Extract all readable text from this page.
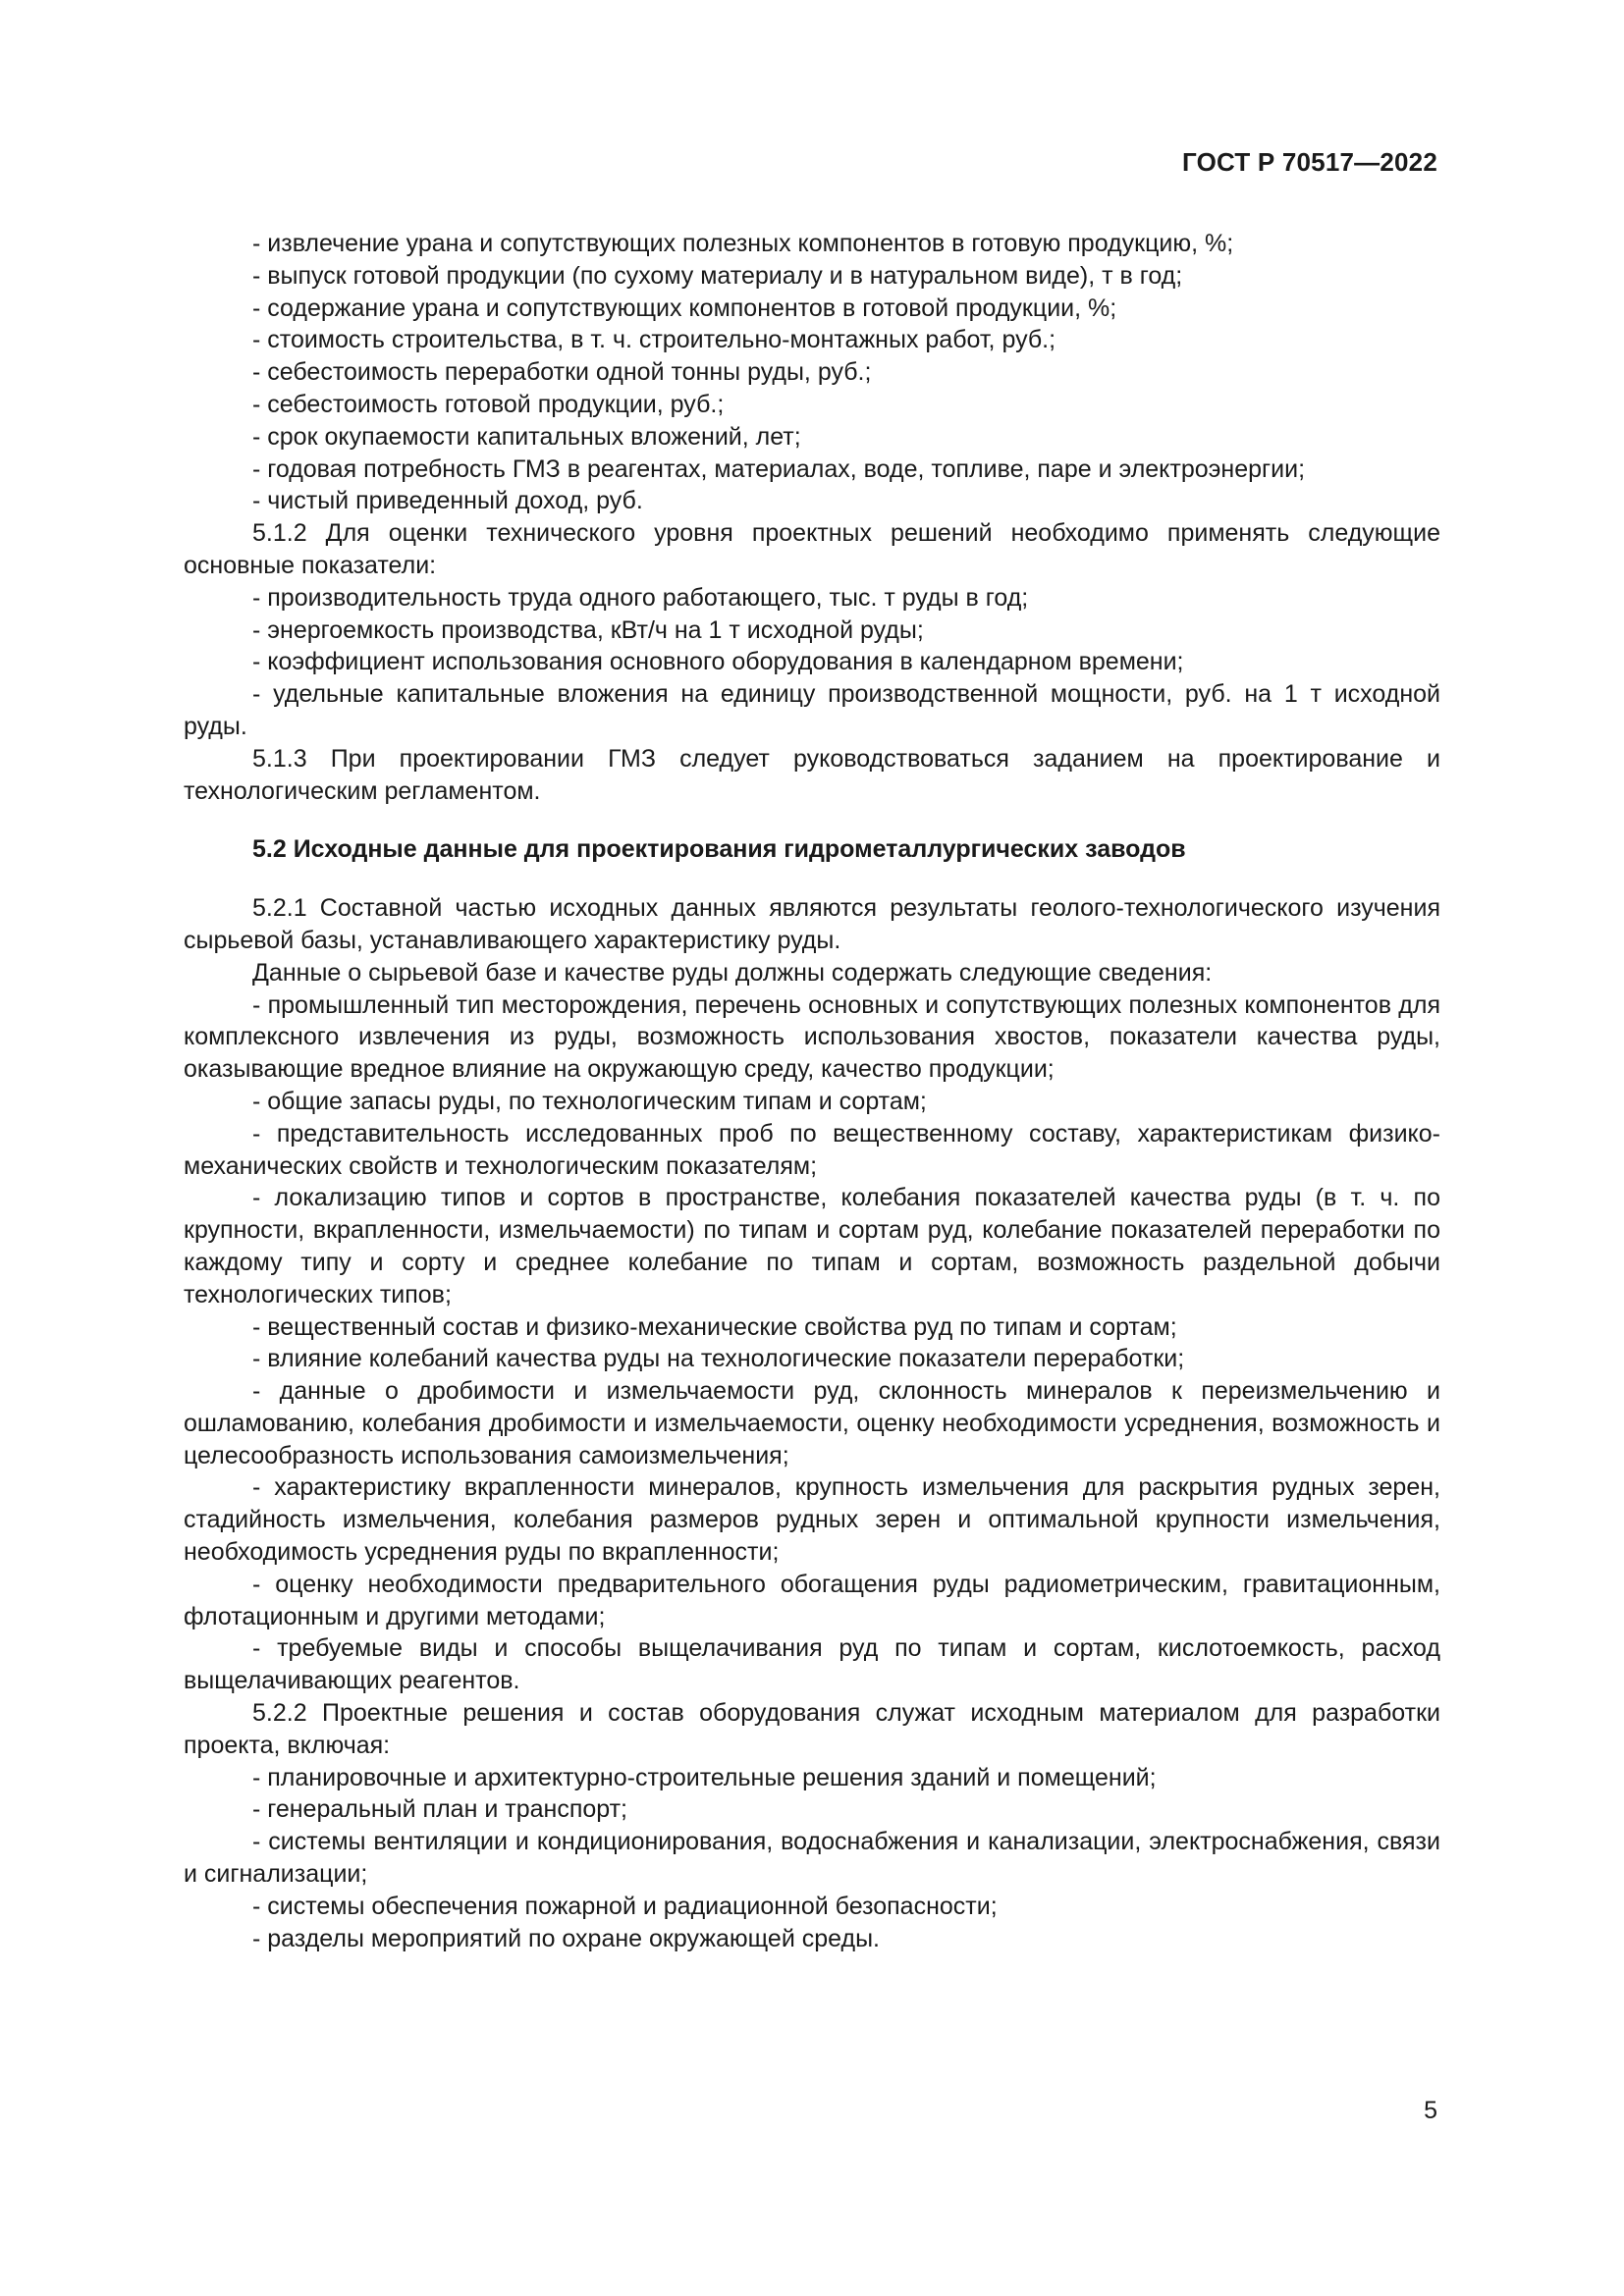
ГОСТ Р 70517—2022

- извлечение урана и сопутствующих полезных компонентов в готовую продукцию, %;

- выпуск готовой продукции (по сухому материалу и в натуральном виде), т в год;

- содержание урана и сопутствующих компонентов в готовой продукции, %;

- стоимость строительства, в т. ч. строительно-монтажных работ, руб.;

- себестоимость переработки одной тонны руды, руб.;

- себестоимость готовой продукции, руб.;

- срок окупаемости капитальных вложений, лет;

- годовая потребность ГМЗ в реагентах, материалах, воде, топливе, паре и электроэнергии;

- чистый приведенный доход, руб.

5.1.2 Для оценки технического уровня проектных решений необходимо применять следующие основные показатели:

- производительность труда одного работающего, тыс. т руды в год;

- энергоемкость производства, кВт/ч на 1 т исходной руды;

- коэффициент использования основного оборудования в календарном времени;

- удельные капитальные вложения на единицу производственной мощности, руб. на 1 т исходной руды.

5.1.3 При проектировании ГМЗ следует руководствоваться заданием на проектирование и технологическим регламентом.

5.2 Исходные данные для проектирования гидрометаллургических заводов

5.2.1 Составной частью исходных данных являются результаты геолого-технологического изучения сырьевой базы, устанавливающего характеристику руды.

Данные о сырьевой базе и качестве руды должны содержать следующие сведения:

- промышленный тип месторождения, перечень основных и сопутствующих полезных компонентов для комплексного извлечения из руды, возможность использования хвостов, показатели качества руды, оказывающие вредное влияние на окружающую среду, качество продукции;

- общие запасы руды, по технологическим типам и сортам;

- представительность исследованных проб по вещественному составу, характеристикам физико-механических свойств и технологическим показателям;

- локализацию типов и сортов в пространстве, колебания показателей качества руды (в т. ч. по крупности, вкрапленности, измельчаемости) по типам и сортам руд, колебание показателей переработки по каждому типу и сорту и среднее колебание по типам и сортам, возможность раздельной добычи технологических типов;

- вещественный состав и физико-механические свойства руд по типам и сортам;

- влияние колебаний качества руды на технологические показатели переработки;

- данные о дробимости и измельчаемости руд, склонность минералов к переизмельчению и ошламованию, колебания дробимости и измельчаемости, оценку необходимости усреднения, возможность и целесообразность использования самоизмельчения;

- характеристику вкрапленности минералов, крупность измельчения для раскрытия рудных зерен, стадийность измельчения, колебания размеров рудных зерен и оптимальной крупности измельчения, необходимость усреднения руды по вкрапленности;

- оценку необходимости предварительного обогащения руды радиометрическим, гравитационным, флотационным и другими методами;

- требуемые виды и способы выщелачивания руд по типам и сортам, кислотоемкость, расход выщелачивающих реагентов.

5.2.2 Проектные решения и состав оборудования служат исходным материалом для разработки проекта, включая:

- планировочные и архитектурно-строительные решения зданий и помещений;

- генеральный план и транспорт;

- системы вентиляции и кондиционирования, водоснабжения и канализации, электроснабжения, связи и сигнализации;

- системы обеспечения пожарной и радиационной безопасности;

- разделы мероприятий по охране окружающей среды.

5
